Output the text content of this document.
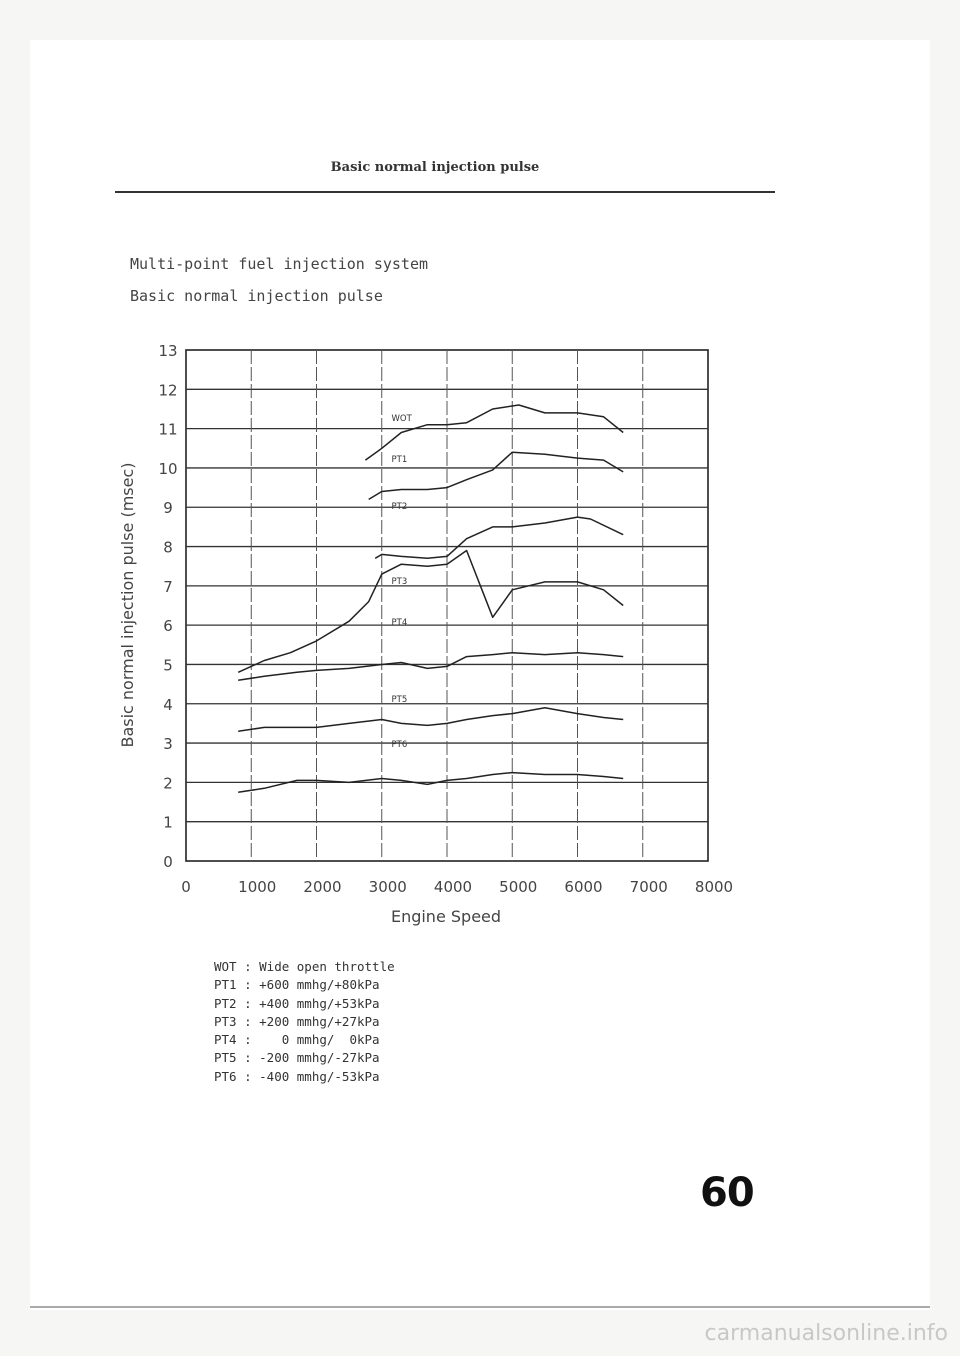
Basic normal injection pulse
Multi-point fuel injection system
Basic normal injection pulse
0
1
2
3
4
5
6
7
8
9
10
11
12
13
0	1000 2000 3000 4000 5000 6000 7000 8000
Engine Speed
Basic normal injection pulse (msec)
WOT
PT1
PT2
PT3
PT4
PT5
PT6
WOT : Wide open throttle
PT1 : +600 mmhg/+80kPa
PT2 : +400 mmhg/+53kPa
PT3 : +200 mmhg/+27kPa
PT4 :    0 mmhg/  0kPa
PT5 : -200 mmhg/-27kPa
PT6 : -400 mmhg/-53kPa
60
carmanualsonline.info
